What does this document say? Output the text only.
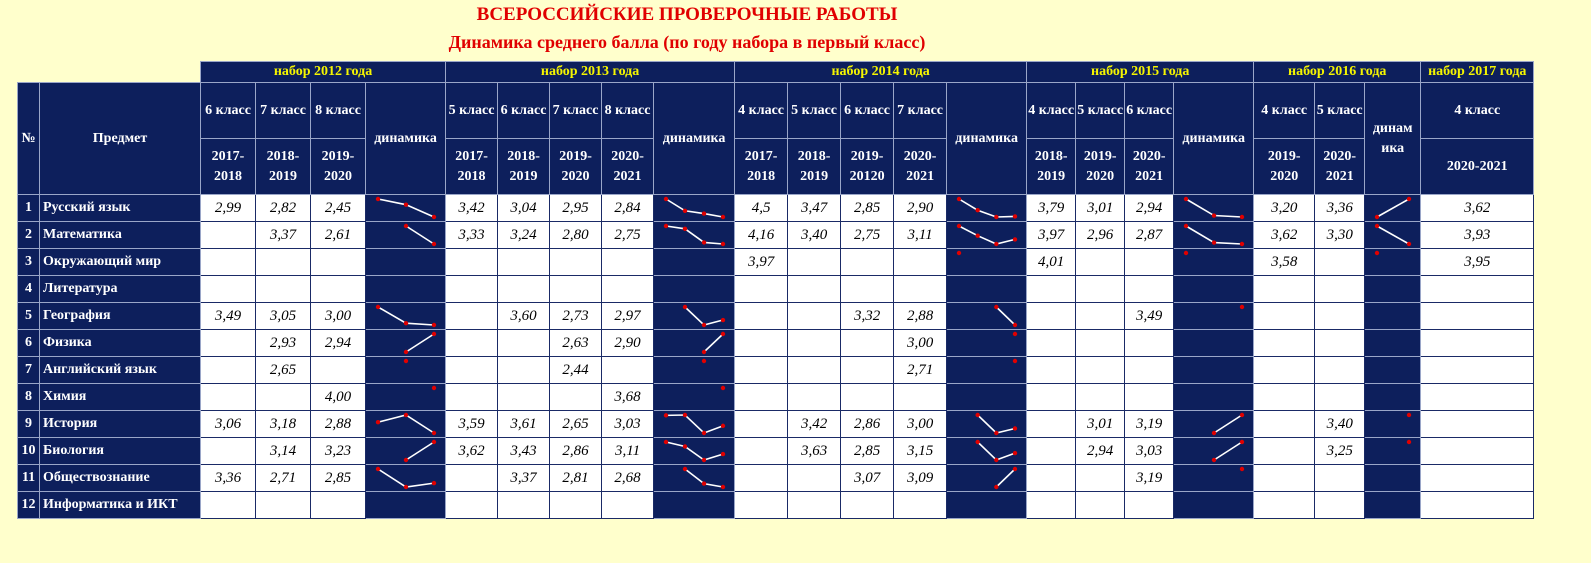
ВСЕРОССИЙСКИЕ ПРОВЕРОЧНЫЕ РАБОТЫ
Динамика среднего балла (по году набора в первый класс)
		набор 2012 года				набор 2013 года					набор 2014 года					набор 2015 года				набор 2016 года			набор 2017 года
№	Предмет	6 класс	7 класс	8 класс	динамика	5 класс	6 класс	7 класс	8 класс	динамика	4 класс	5 класс	6 класс	7 класс	динамика	4 класс	5 класс	6 класс	динамика	4 класс	5 класс	динам ика	4 класс
		2017-2018	2018-2019	2019-2020		2017-2018	2018-2019	2019-2020	2020-2021		2017-2018	2018-2019	2019-20120	2020-2021		2018-2019	2019-2020	2020-2021		2019-2020	2020-2021		2020-2021
1	Русский язык	2,99	2,82	2,45		3,42	3,04	2,95	2,84		4,5	3,47	2,85	2,90		3,79	3,01	2,94		3,20	3,36		3,62
2	Математика		3,37	2,61		3,33	3,24	2,80	2,75		4,16	3,40	2,75	3,11		3,97	2,96	2,87		3,62	3,30		3,93
3	Окружающий мир										3,97					4,01				3,58			3,95
4	Литература				

5	География	3,49	3,05	3,00			3,60	2,73	2,97				3,32	2,88				3,49	

6	Физика		2,93	2,94				2,63	2,90					3,00	

7	Английский язык		2,65					2,44						2,71	

8	Химия			4,00					3,68	

9	История	3,06	3,18	2,88		3,59	3,61	2,65	3,03			3,42	2,86	3,00			3,01	3,19			3,40	

10	Биология		3,14	3,23		3,62	3,43	2,86	3,11			3,63	2,85	3,15			2,94	3,03			3,25	

11	Обществознание	3,36	2,71	2,85			3,37	2,81	2,68				3,07	3,09				3,19	

12	Информатика и ИКТ				
